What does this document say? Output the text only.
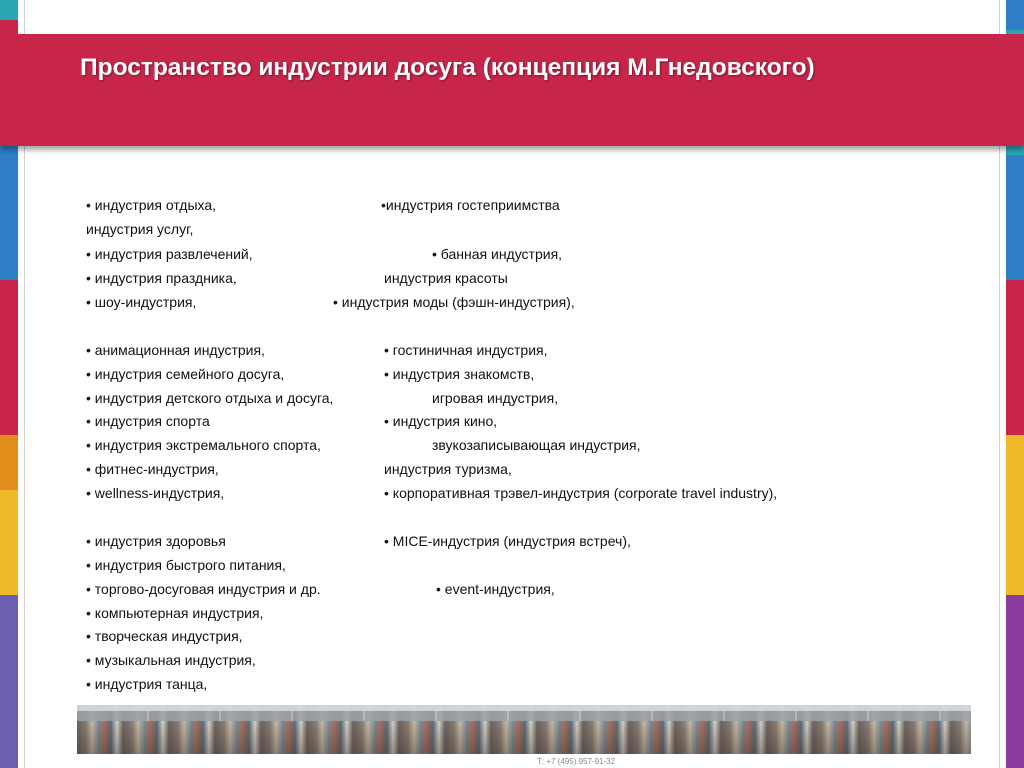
Пространство индустрии досуга (концепция М.Гнедовского)
• индустрия отдыха,
индустрия услуг,
• индустрия развлечений,
• индустрия праздника,
• шоу-индустрия,
• анимационная индустрия,
• индустрия семейного досуга,
• индустрия детского отдыха и досуга,
• индустрия спорта
• индустрия экстремального спорта,
• фитнес-индустрия,
• wellness-индустрия,
• индустрия здоровья
• индустрия быстрого питания,
• торгово-досуговая индустрия и др.
• компьютерная индустрия,
• творческая индустрия,
• музыкальная индустрия,
• индустрия танца,
•индустрия гостеприимства
• банная индустрия,
индустрия красоты
• индустрия моды (фэшн-индустрия),
• гостиничная индустрия,
• индустрия знакомств,
игровая индустрия,
• индустрия кино,
звукозаписывающая индустрия,
индустрия туризма,
• корпоративная трэвел-индустрия (corporate travel industry),
• MICE-индустрия (индустрия встреч),
• event-индустрия,
Т: +7 (495) 957-91-32
